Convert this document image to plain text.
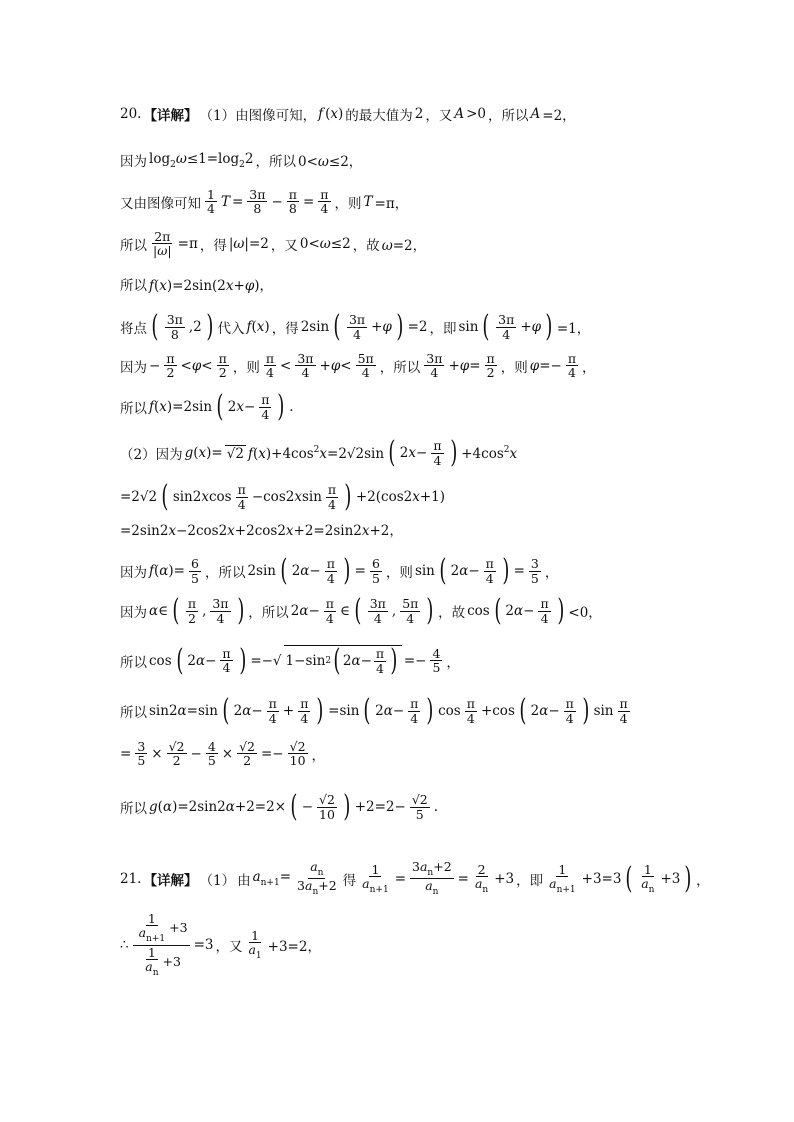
20. 【详解】 （1）由图像可知， f (x) 的最大值为 2 ，又 A >0 ，所以 A =2，
因为 $\log_2\omega\le 1=\log_22$ ，所以 0<ω≤2，
又由图像可知 $\frac{1}{4}$ $T = \frac{3\pi}{8} - \frac{\pi}{8} = \frac{\pi}{4}$ ，则 T =π，
所以 $\frac{2\pi}{|\omega|} =\pi$ ，得 |ω|=2 ，又 0<ω≤2 ，故 ω=2，
所以 f(x)=2sin(2x+φ)，
将点 ( $\frac{3\pi}{8} ,2$ ) 代入 f(x) ，得 2sin ( $\frac{3\pi}{4} +\varphi$ ) =2 ，即 sin ( $\frac{3\pi}{4} +\varphi$ ) =1，
因为 − $\frac{\pi}{2} <\varphi< \frac{\pi}{2}$ ，则 $\frac{\pi}{4} < \frac{3\pi}{4} +\varphi< \frac{5\pi}{4}$ ，所以 $\frac{3\pi}{4} +\varphi= \frac{\pi}{2}$ ，则 $\varphi=- \frac{\pi}{4}$ ，
所以 f(x)=2sin ( $2x- \frac{\pi}{4}$ ) .
（2）因为 g(x)= √2 $f(x)+4\cos^2x=2√2\sin$ ( $2x- \frac{\pi}{4}$ ) $+4\cos^2x$
=2√2 ( $\sin 2xcos \frac{\pi}{4} -\cos 2xsin \frac{\pi}{4}$ ) +2(cos2x+1)
=2sin2x−2cos2x+2cos2x+2=2sin2x+2，
因为 $f(\alpha)= \frac{6}{5}$ ，所以 2sin ( $2\alpha- \frac{\pi}{4}$ ) = $\frac{6}{5}$ ，则 sin ( $2\alpha- \frac{\pi}{4}$ ) = $\frac{3}{5}$ ，
因为 α∈ ( $\frac{\pi}{2}$ , $\frac{3\pi}{4}$ ) ，所以 $2\alpha- \frac{\pi}{4}$ ∈ ( $\frac{3\pi}{4}$ , $\frac{5\pi}{4}$ ) ，故 cos ( $2\alpha- \frac{\pi}{4}$ ) <0，
所以 cos ( $2\alpha- \frac{\pi}{4}$ ) =−√ 1−sin 2 ( 2 $\alpha - \frac{\pi}{4}$ ) =− $\frac{4}{5}$ ，
所以 sin2α=sin ( $2\alpha- \frac{\pi}{4} + \frac{\pi}{4}$ ) =sin ( $2\alpha- \frac{\pi}{4}$ ) $\cos \frac{\pi}{4} +\cos$ ( $2\alpha- \frac{\pi}{4}$ ) $\sin \frac{\pi}{4}$
= $\frac{3}{5} \times \frac{√2}{2} - \frac{4}{5} \times \frac{√2}{2} =- \frac{√2}{10}$ ，
所以 g(α)=2sin2α+2=2× ( − $\frac{√2}{10}$ ) $+2=2- \frac{√2}{5}$ .
21. 【详解】 （1） 由 $a_{n+1}= \frac{a_n}{3a_n+2}$ 得 $\frac{1}{a_{n+1}} = \frac{3a_n+2}{a_n} = \frac{2}{a_n} +3$ ，即 $\frac{1}{a_{n+1}} +3=3$ ( $\frac{1}{a_n} +3$ ) ，
∴ $\frac{\frac{1}{a_{n+1}} +3}{\frac{1}{a_n} +3} =3$ ，又 $\frac{1}{a_1} +3=2$，
